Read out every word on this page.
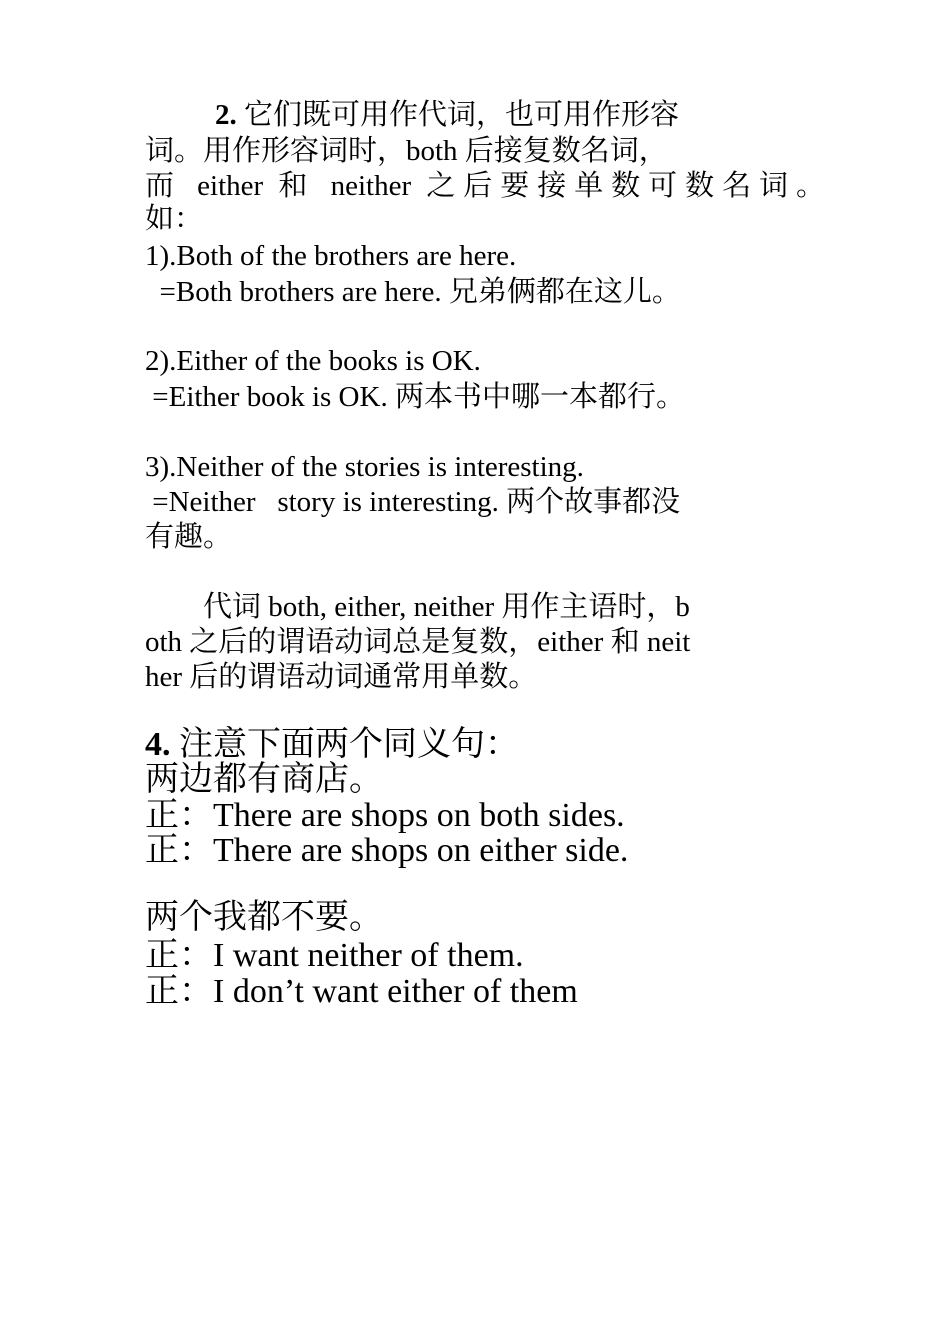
2. 它们既可用作代词，也可用作形容
词。用作形容词时，both 后接复数名词，
而 either 和 neither 之后要接单数可数名词。
如：
1).Both of the brothers are here.
=Both brothers are here. 兄弟俩都在这儿。
2).Either of the books is OK.
=Either book is OK. 两本书中哪一本都行。
3).Neither of the stories is interesting.
=Neither   story is interesting. 两个故事都没
有趣。
代词 both, either, neither 用作主语时，b
oth 之后的谓语动词总是复数，either 和 neit
her 后的谓语动词通常用单数。
4. 注意下面两个同义句：
两边都有商店。
正：There are shops on both sides.
正：There are shops on either side.
两个我都不要。
正：I want neither of them.
正：I don’t want either of them
